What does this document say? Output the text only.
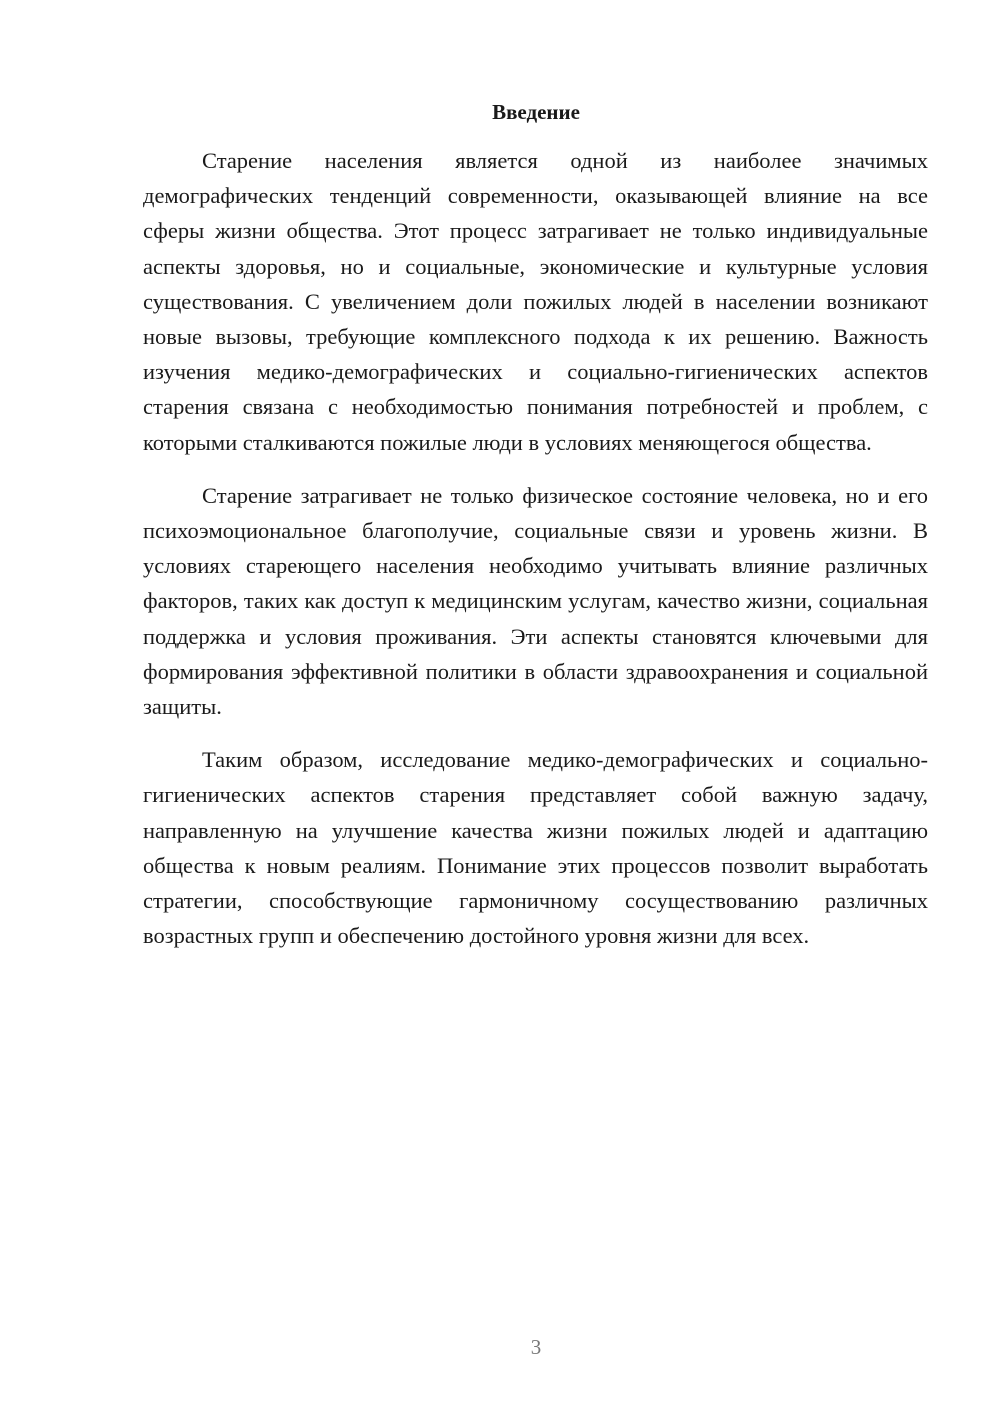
Введение

Старение населения является одной из наиболее значимых демографических тенденций современности, оказывающей влияние на все сферы жизни общества. Этот процесс затрагивает не только индивидуальные аспекты здоровья, но и социальные, экономические и культурные условия существования. С увеличением доли пожилых людей в населении возникают новые вызовы, требующие комплексного подхода к их решению. Важность изучения медико-демографических и социально-гигиенических аспектов старения связана с необходимостью понимания потребностей и проблем, с которыми сталкиваются пожилые люди в условиях меняющегося общества.

Старение затрагивает не только физическое состояние человека, но и его психоэмоциональное благополучие, социальные связи и уровень жизни. В условиях стареющего населения необходимо учитывать влияние различных факторов, таких как доступ к медицинским услугам, качество жизни, социальная поддержка и условия проживания. Эти аспекты становятся ключевыми для формирования эффективной политики в области здравоохранения и социальной защиты.

Таким образом, исследование медико-демографических и социально-гигиенических аспектов старения представляет собой важную задачу, направленную на улучшение качества жизни пожилых людей и адаптацию общества к новым реалиям. Понимание этих процессов позволит выработать стратегии, способствующие гармоничному сосуществованию различных возрастных групп и обеспечению достойного уровня жизни для всех.

3
